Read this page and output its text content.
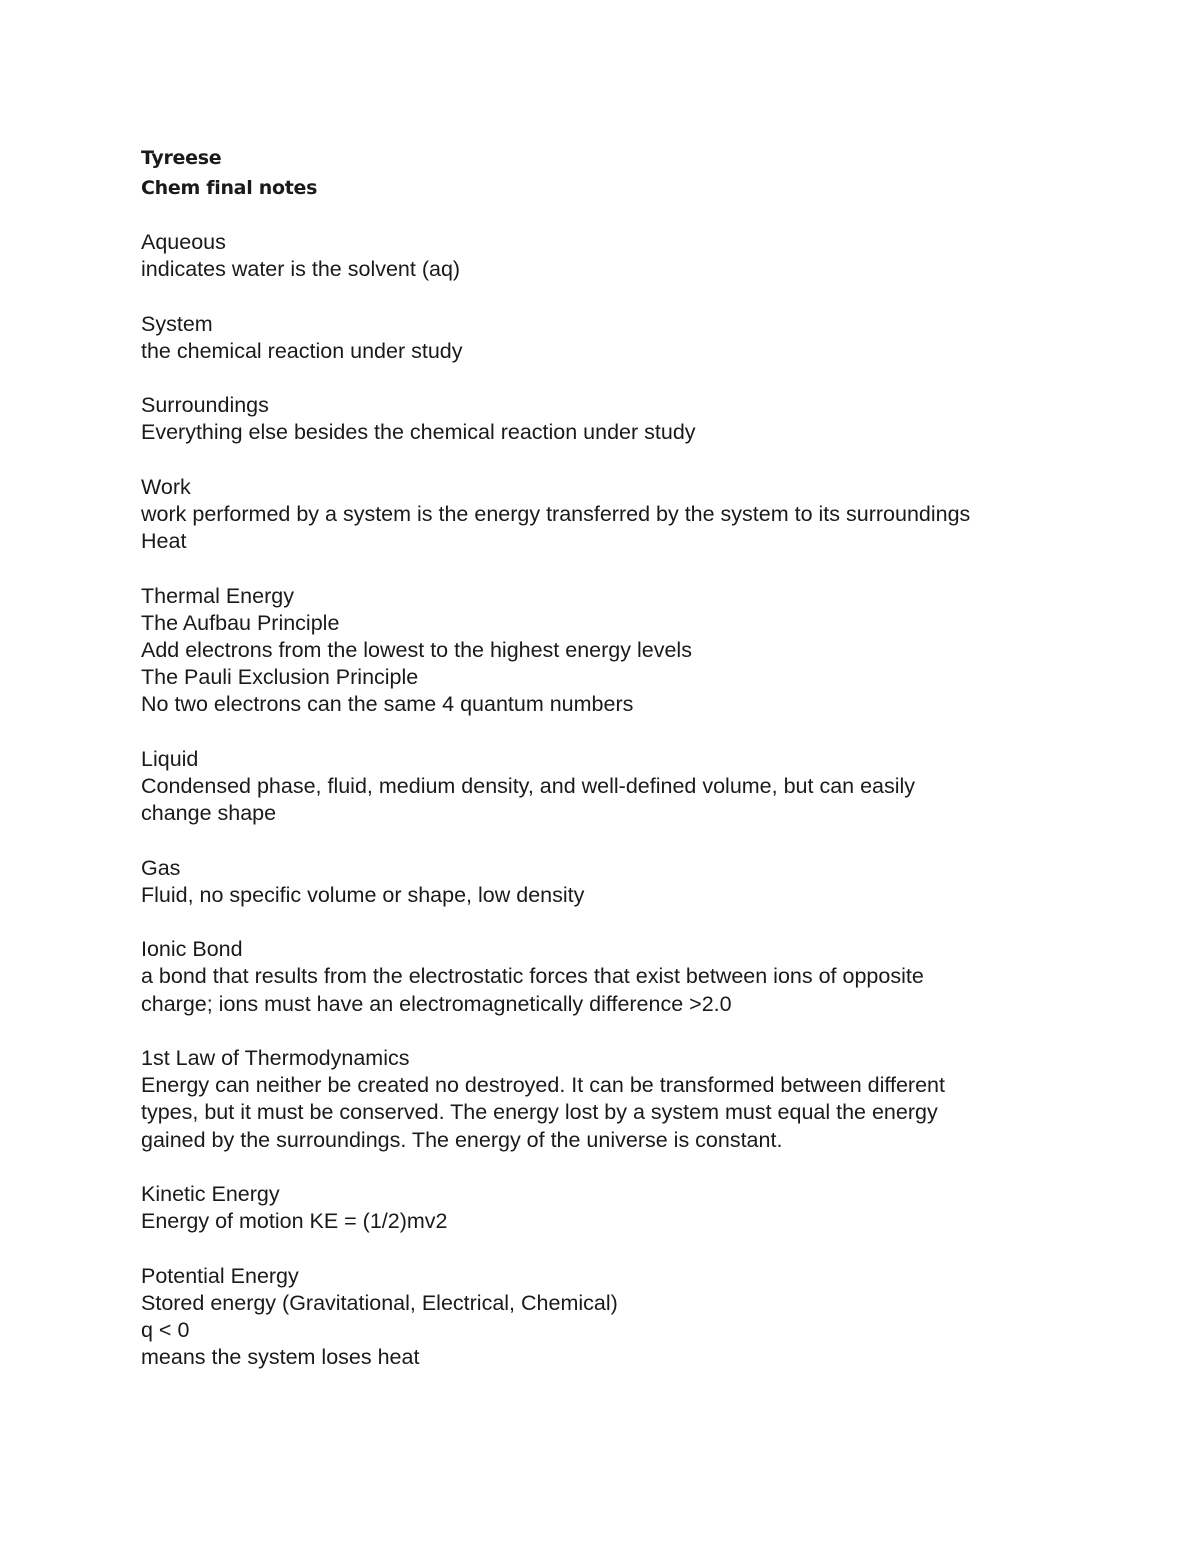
Tyreese
Chem final notes
Aqueous
indicates water is the solvent (aq)
System
the chemical reaction under study
Surroundings
Everything else besides the chemical reaction under study
Work
work performed by a system is the energy transferred by the system to its surroundings
Heat
Thermal Energy
The Aufbau Principle
Add electrons from the lowest to the highest energy levels
The Pauli Exclusion Principle
No two electrons can the same 4 quantum numbers
Liquid
Condensed phase, fluid, medium density, and well-defined volume, but can easily
change shape
Gas
Fluid, no specific volume or shape, low density
Ionic Bond
a bond that results from the electrostatic forces that exist between ions of opposite
charge; ions must have an electromagnetically difference >2.0
1st Law of Thermodynamics
Energy can neither be created no destroyed. It can be transformed between different
types, but it must be conserved. The energy lost by a system must equal the energy
gained by the surroundings. The energy of the universe is constant.
Kinetic Energy
Energy of motion KE = (1/2)mv2
Potential Energy
Stored energy (Gravitational, Electrical, Chemical)
q < 0
means the system loses heat
